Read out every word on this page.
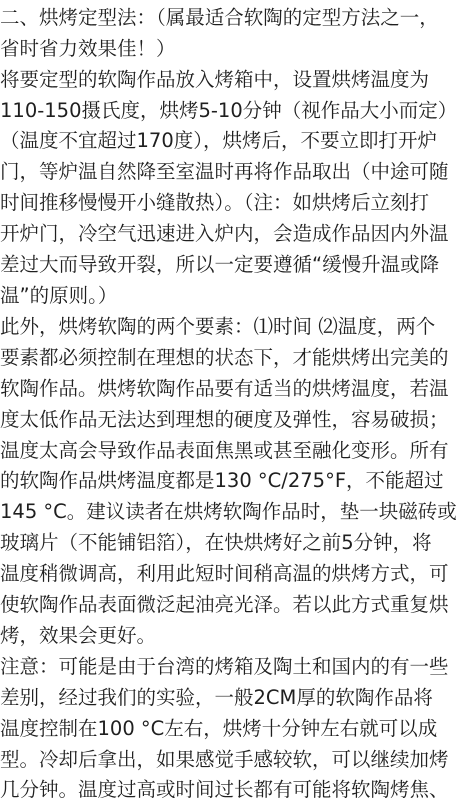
二、烘烤定型法：（属最适合软陶的定型方法之一，
省时省力效果佳！）
将要定型的软陶作品放入烤箱中，设置烘烤温度为
110-150摄氏度，烘烤5-10分钟（视作品大小而定）
（温度不宜超过170度），烘烤后，不要立即打开炉
门，等炉温自然降至室温时再将作品取出（中途可随
时间推移慢慢开小缝散热）。（注：如烘烤后立刻打
开炉门，冷空气迅速进入炉内，会造成作品因内外温
差过大而导致开裂，所以一定要遵循“缓慢升温或降
温”的原则。）
此外，烘烤软陶的两个要素：⑴时间 ⑵温度，两个
要素都必须控制在理想的状态下，才能烘烤出完美的
软陶作品。烘烤软陶作品要有适当的烘烤温度，若温
度太低作品无法达到理想的硬度及弹性，容易破损；
温度太高会导致作品表面焦黑或甚至融化变形。所有
的软陶作品烘烤温度都是130 °C/275°F，不能超过
145 °C。建议读者在烘烤软陶作品时，垫一块磁砖或
玻璃片（不能铺铝箔），在快烘烤好之前5分钟，将
温度稍微调高，利用此短时间稍高温的烘烤方式，可
使软陶作品表面微泛起油亮光泽。若以此方式重复烘
烤，效果会更好。
注意：可能是由于台湾的烤箱及陶土和国内的有一些
差别，经过我们的实验，一般2CM厚的软陶作品将
温度控制在100 °C左右，烘烤十分钟左右就可以成
型。冷却后拿出，如果感觉手感较软，可以继续加烤
几分钟。温度过高或时间过长都有可能将软陶烤焦、
